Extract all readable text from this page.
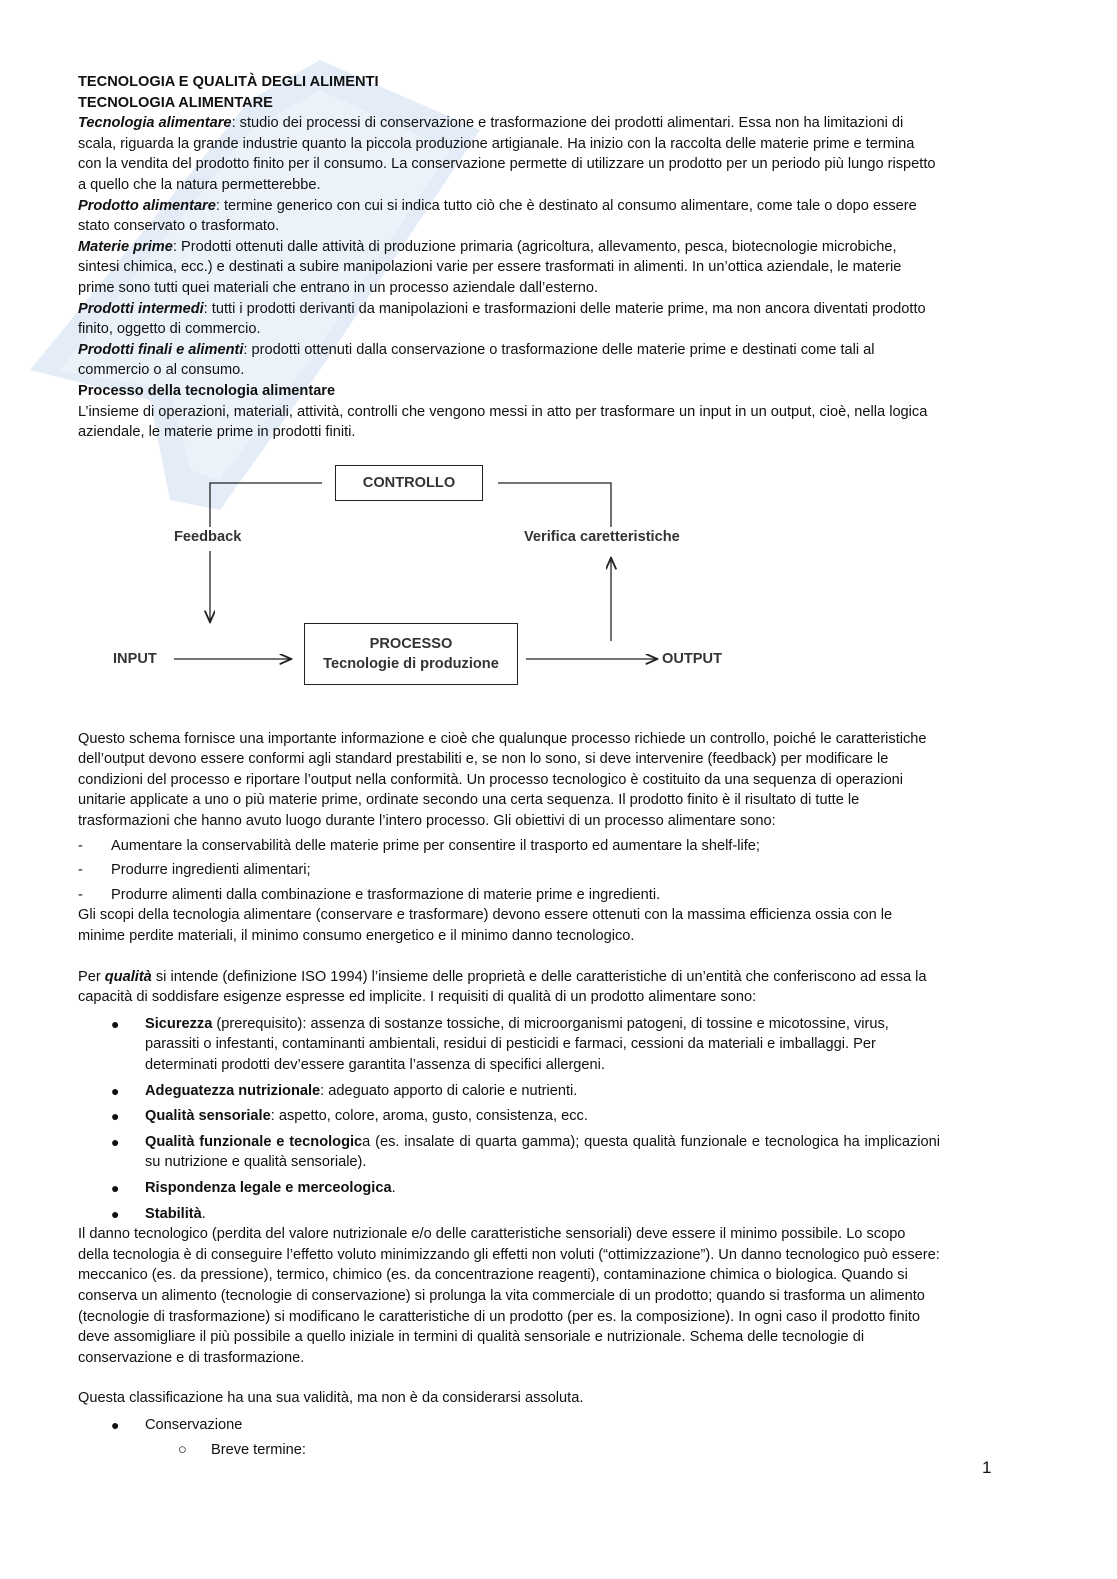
TECNOLOGIA E QUALITÀ DEGLI ALIMENTI

TECNOLOGIA ALIMENTARE

Tecnologia alimentare: studio dei processi di conservazione e trasformazione dei prodotti alimentari. Essa non ha limitazioni di scala, riguarda la grande industrie quanto la piccola produzione artigianale. Ha inizio con la raccolta delle materie prime e termina con la vendita del prodotto finito per il consumo. La conservazione permette di utilizzare un prodotto per un periodo più lungo rispetto a quello che la natura permetterebbe.

Prodotto alimentare: termine generico con cui si indica tutto ciò che è destinato al consumo alimentare, come tale o dopo essere stato conservato o trasformato.

Materie prime: Prodotti ottenuti dalle attività di produzione primaria (agricoltura, allevamento, pesca, biotecnologie microbiche, sintesi chimica, ecc.) e destinati a subire manipolazioni varie per essere trasformati in alimenti. In un’ottica aziendale, le materie prime sono tutti quei materiali che entrano in un processo aziendale dall’esterno.

Prodotti intermedi: tutti i prodotti derivanti da manipolazioni e trasformazioni delle materie prime, ma non ancora diventati prodotto finito, oggetto di commercio.

Prodotti finali e alimenti: prodotti ottenuti dalla conservazione o trasformazione delle materie prime e destinati come tali al commercio o al consumo.

Processo della tecnologia alimentare

L’insieme di operazioni, materiali, attività, controlli che vengono messi in atto per trasformare un input in un output, cioè, nella logica aziendale, le materie prime in prodotti finiti.

CONTROLLO
Feedback	Verifica caretteristiche
INPUT
PROCESSO
Tecnologie di produzione	OUTPUT

Questo schema fornisce una importante informazione e cioè che qualunque processo richiede un controllo, poiché le caratteristiche dell’output devono essere conformi agli standard prestabiliti e, se non lo sono, si deve intervenire (feedback) per modificare le condizioni del processo e riportare l’output nella conformità. Un processo tecnologico è costituito da una sequenza di operazioni unitarie applicate a uno o più materie prime, ordinate secondo una certa sequenza. Il prodotto finito è il risultato di tutte le trasformazioni che hanno avuto luogo durante l’intero processo. Gli obiettivi di un processo alimentare sono:

- Aumentare la conservabilità delle materie prime per consentire il trasporto ed aumentare la shelf-life;
- Produrre ingredienti alimentari;
- Produrre alimenti dalla combinazione e trasformazione di materie prime e ingredienti.

Gli scopi della tecnologia alimentare (conservare e trasformare) devono essere ottenuti con la massima efficienza ossia con le minime perdite materiali, il minimo consumo energetico e il minimo danno tecnologico.

Per qualità si intende (definizione ISO 1994) l’insieme delle proprietà e delle caratteristiche di un’entità che conferiscono ad essa la capacità di soddisfare esigenze espresse ed implicite. I requisiti di qualità di un prodotto alimentare sono:

● Sicurezza (prerequisito): assenza di sostanze tossiche, di microorganismi patogeni, di tossine e micotossine, virus, parassiti o infestanti, contaminanti ambientali, residui di pesticidi e farmaci, cessioni da materiali e imballaggi. Per determinati prodotti dev’essere garantita l’assenza di specifici allergeni.
● Adeguatezza nutrizionale: adeguato apporto di calorie e nutrienti.
● Qualità sensoriale: aspetto, colore, aroma, gusto, consistenza, ecc.
● Qualità funzionale e tecnologica (es. insalate di quarta gamma); questa qualità funzionale e tecnologica ha implicazioni su nutrizione e qualità sensoriale).
● Rispondenza legale e merceologica.
● Stabilità.

Il danno tecnologico (perdita del valore nutrizionale e/o delle caratteristiche sensoriali) deve essere il minimo possibile. Lo scopo della tecnologia è di conseguire l’effetto voluto minimizzando gli effetti non voluti (“ottimizzazione”). Un danno tecnologico può essere: meccanico (es. da pressione), termico, chimico (es. da concentrazione reagenti), contaminazione chimica o biologica. Quando si conserva un alimento (tecnologie di conservazione) si prolunga la vita commerciale di un prodotto; quando si trasforma un alimento (tecnologie di trasformazione) si modificano le caratteristiche di un prodotto (per es. la composizione). In ogni caso il prodotto finito deve assomigliare il più possibile a quello iniziale in termini di qualità sensoriale e nutrizionale. Schema delle tecnologie di conservazione e di trasformazione.

Questa classificazione ha una sua validità, ma non è da considerarsi assoluta.

● Conservazione
○ Breve termine:
1
